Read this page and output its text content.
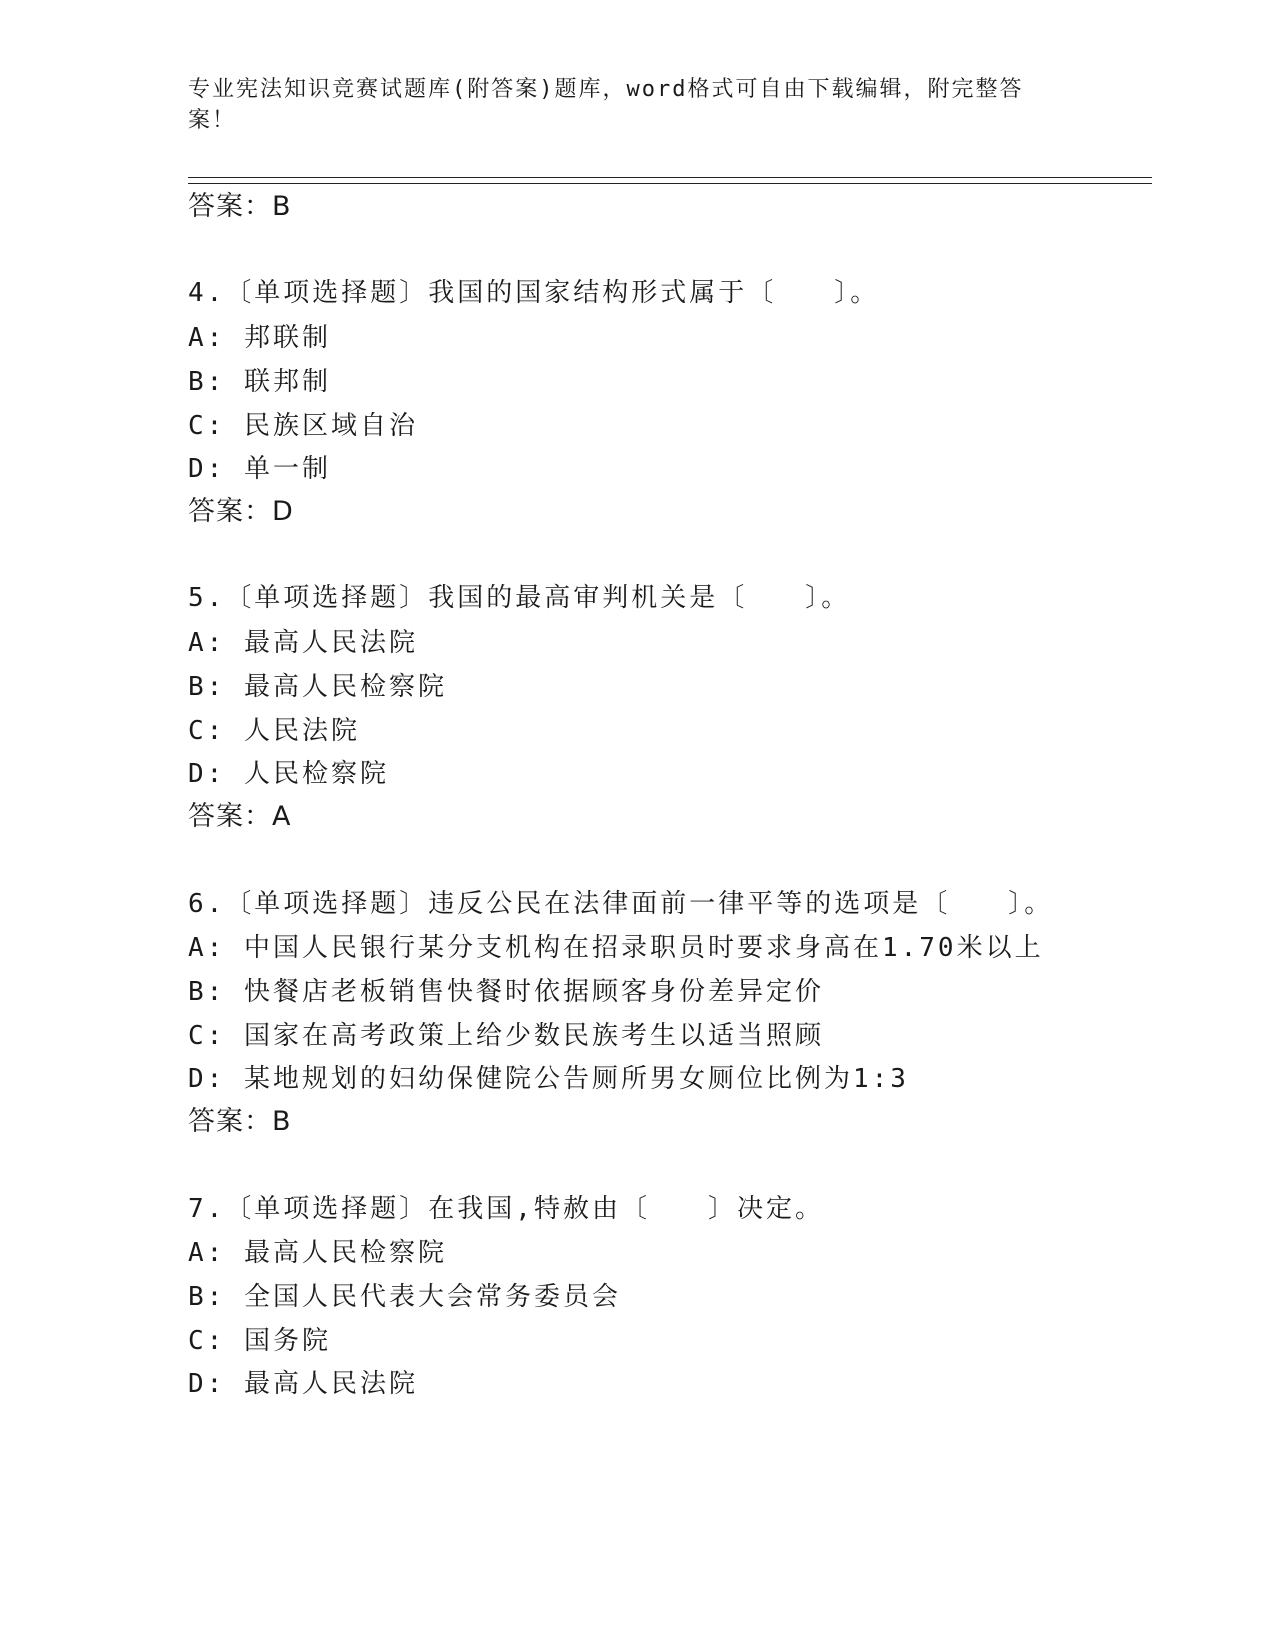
专业宪法知识竞赛试题库(附答案)题库，word格式可自由下载编辑，附完整答案！
答案：B
4.〔单项选择题〕我国的国家结构形式属于〔　　〕。
A: 邦联制
B: 联邦制
C: 民族区域自治
D: 单一制
答案：D
5.〔单项选择题〕我国的最高审判机关是〔　　〕。
A: 最高人民法院
B: 最高人民检察院
C: 人民法院
D: 人民检察院
答案：A
6.〔单项选择题〕违反公民在法律面前一律平等的选项是〔　　〕。
A: 中国人民银行某分支机构在招录职员时要求身高在1.70米以上
B: 快餐店老板销售快餐时依据顾客身份差异定价
C: 国家在高考政策上给少数民族考生以适当照顾
D: 某地规划的妇幼保健院公告厕所男女厕位比例为1:3
答案：B
7.〔单项选择题〕在我国,特赦由〔　　〕决定。
A: 最高人民检察院
B: 全国人民代表大会常务委员会
C: 国务院
D: 最高人民法院
